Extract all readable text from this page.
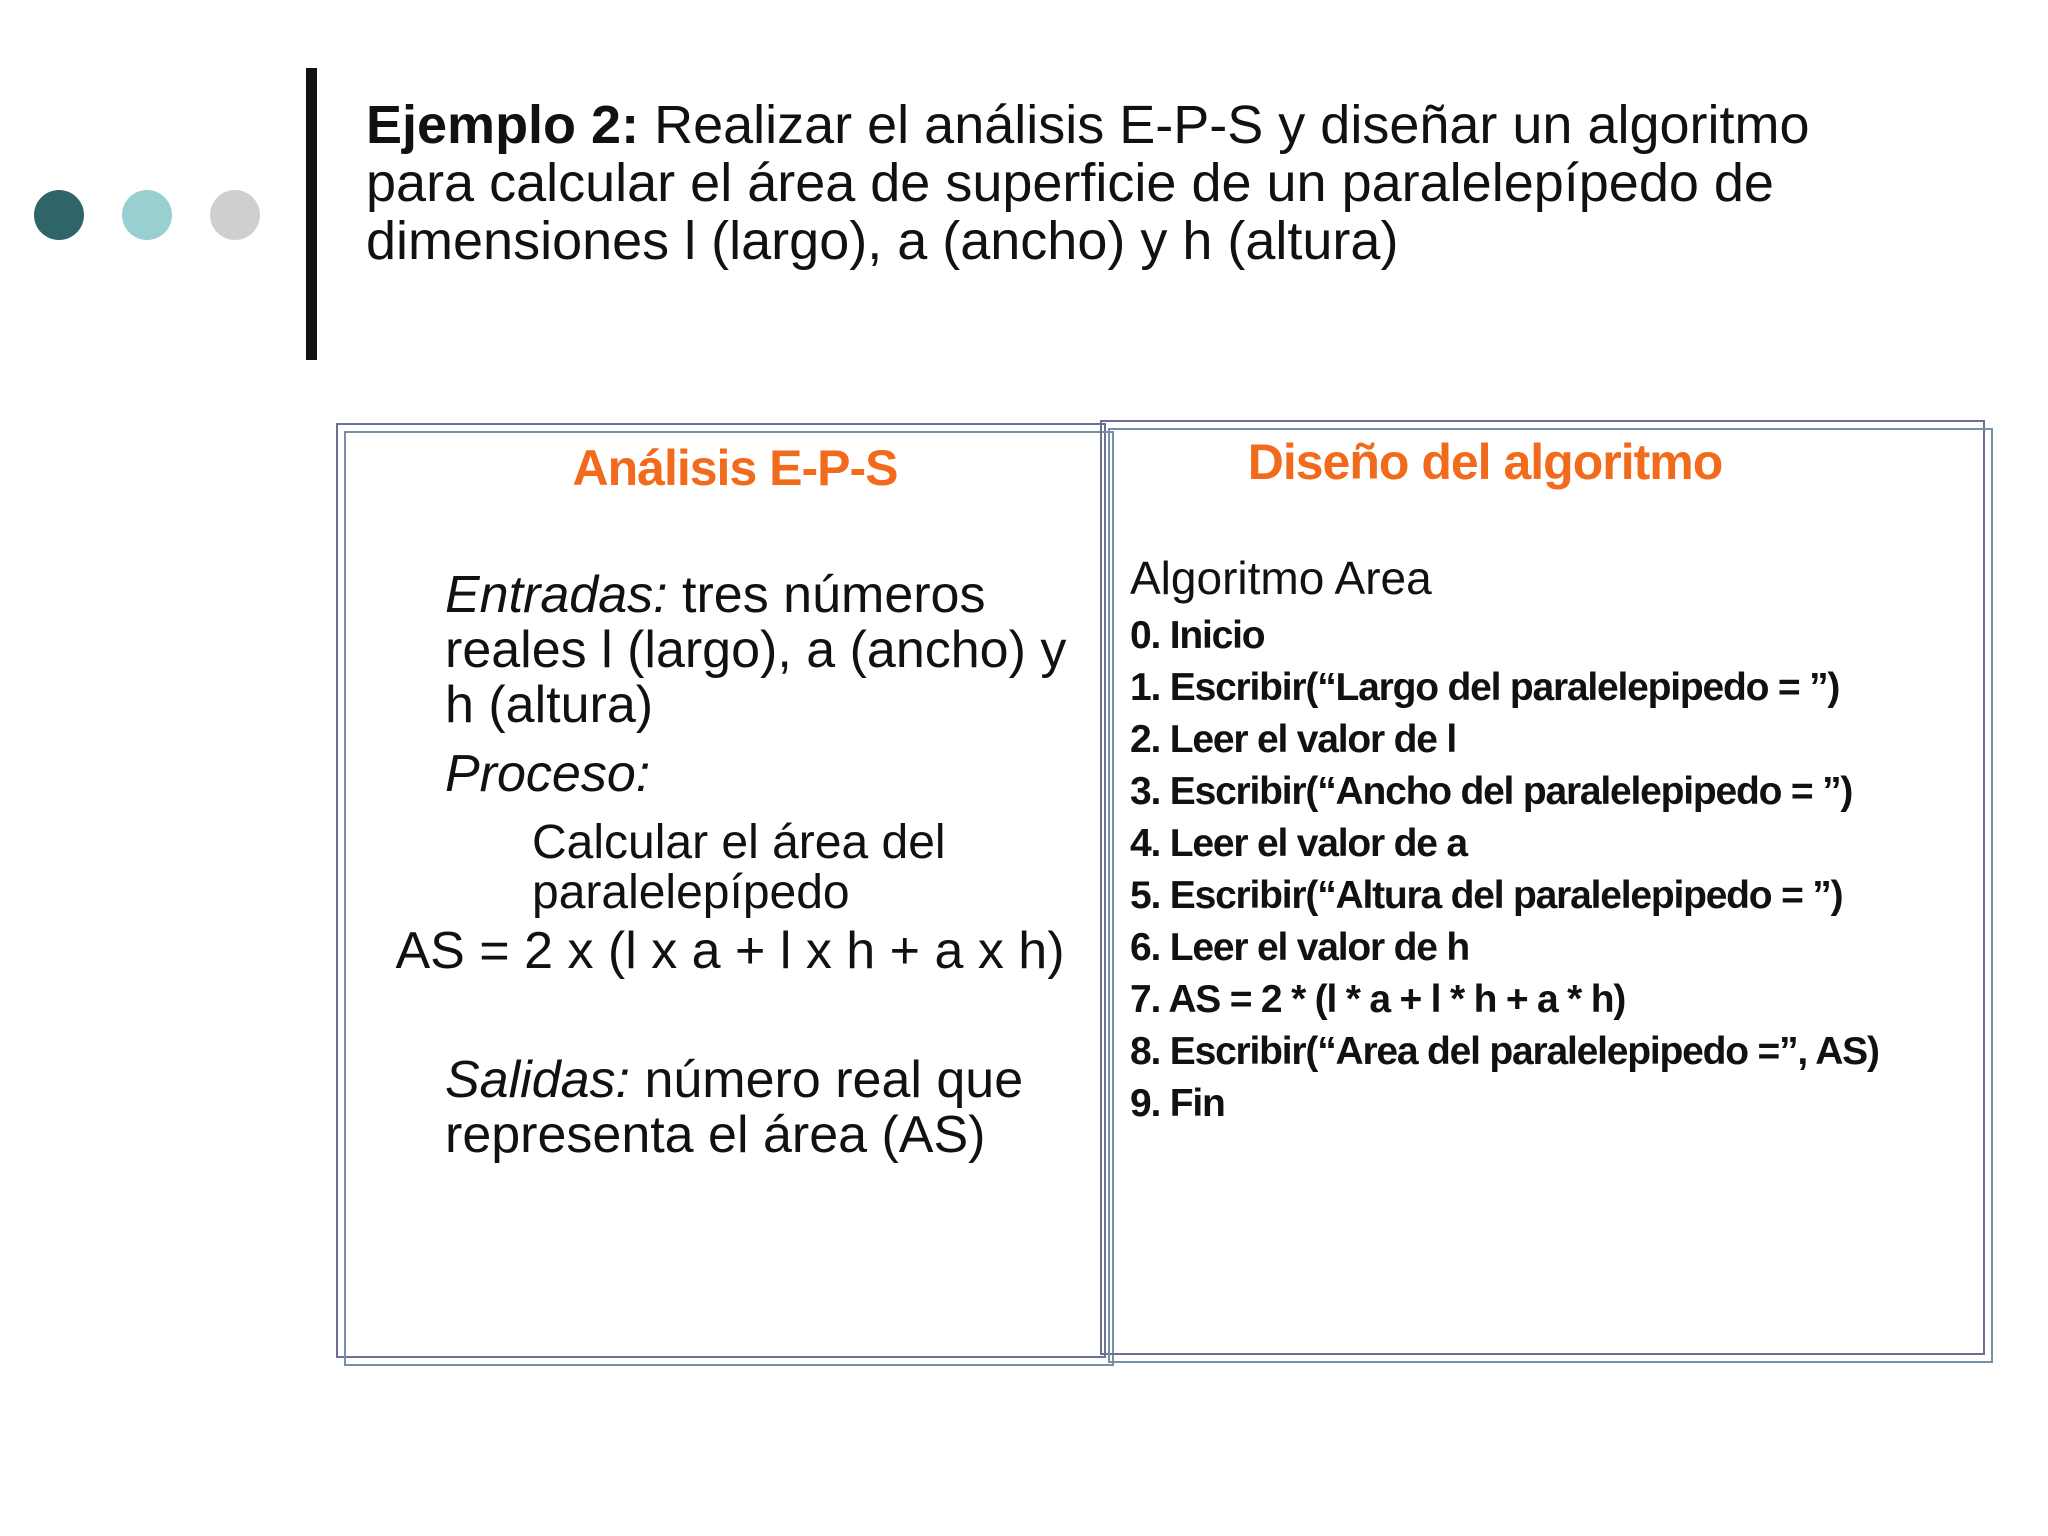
Ejemplo 2: Realizar el análisis E-P-S y diseñar un algoritmo para calcular el área de superficie de un paralelepípedo de dimensiones l (largo), a (ancho) y h (altura)
Análisis E-P-S
Entradas: tres números reales l (largo), a (ancho) y h (altura)
Proceso:
Calcular el área del paralelepípedo
AS = 2 x (l x a + l x h + a x h)
Salidas: número real que representa el área (AS)
Diseño del algoritmo
Algoritmo Area
0. Inicio
1. Escribir(“Largo del paralelepipedo = ”)
2. Leer el valor de l
3. Escribir(“Ancho del paralelepipedo = ”)
4. Leer el valor de a
5. Escribir(“Altura del paralelepipedo = ”)
6. Leer el valor de h
7. AS = 2 * (l * a + l * h + a * h)
8. Escribir(“Area del paralelepipedo =”, AS)
9. Fin
